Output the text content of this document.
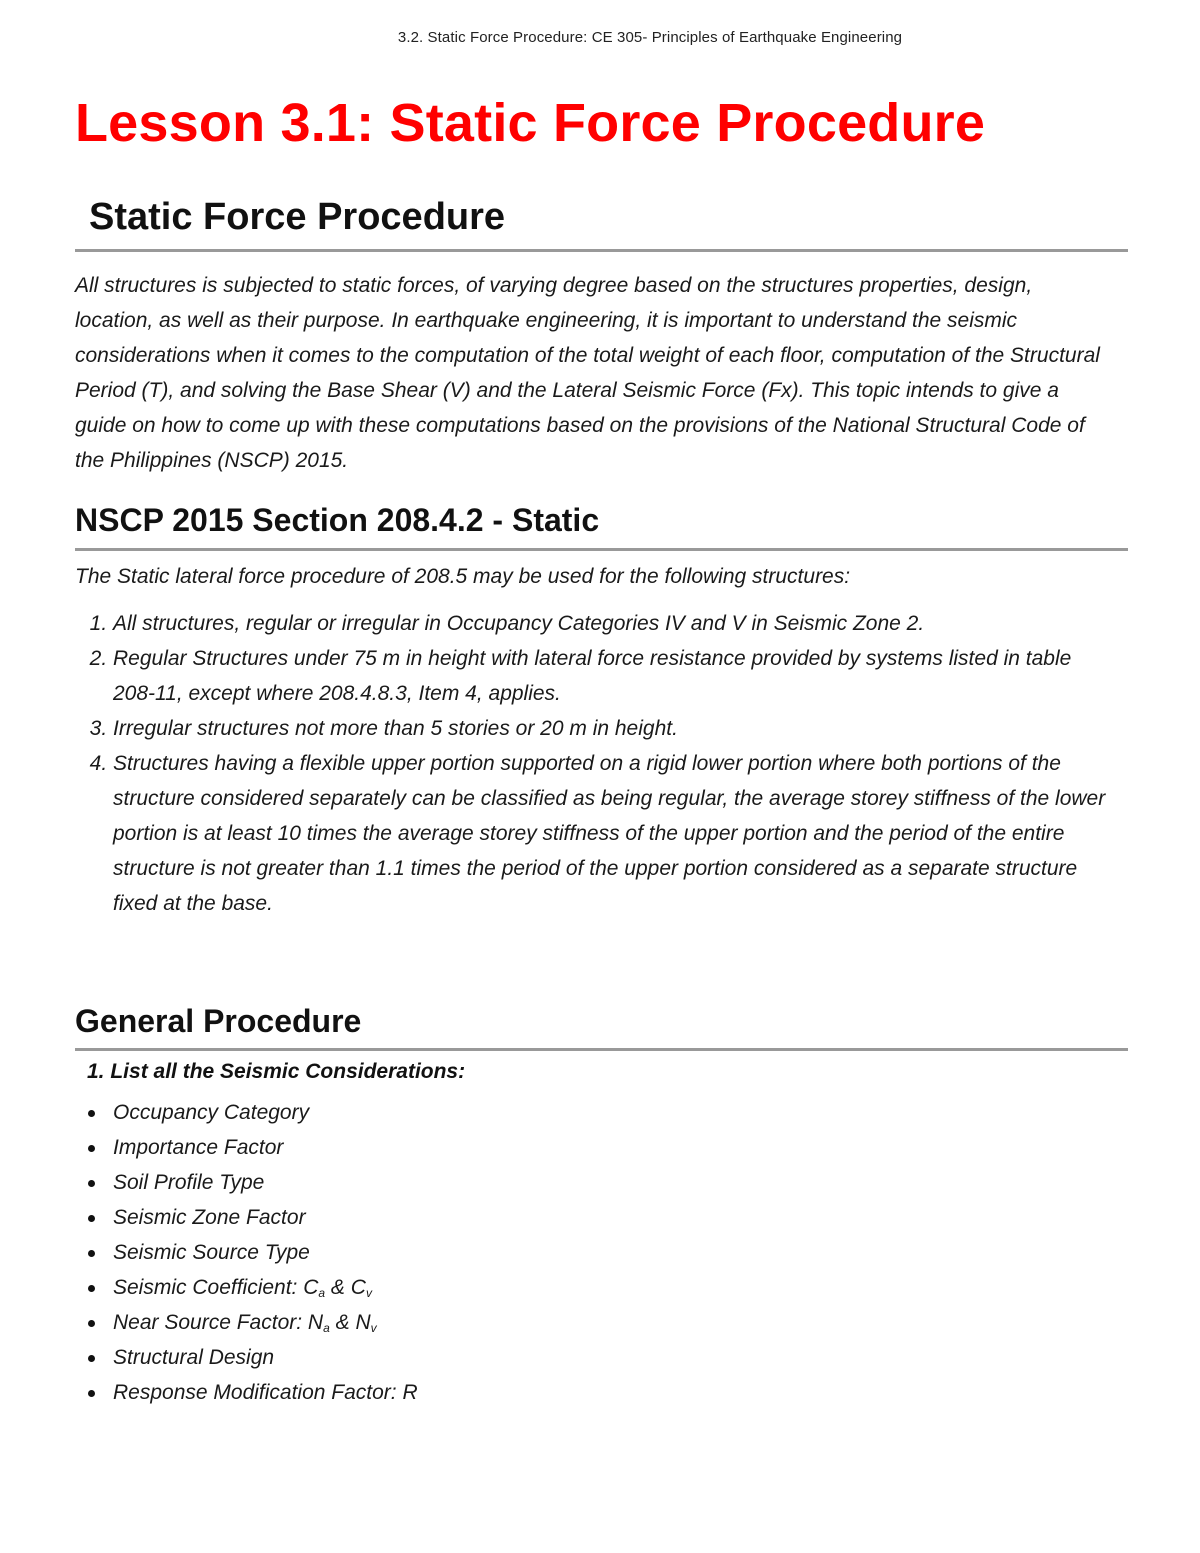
3.2. Static Force Procedure: CE 305- Principles of Earthquake Engineering
Lesson 3.1: Static Force Procedure
Static Force Procedure

All structures is subjected to static forces, of varying degree based on the structures properties, design, location, as well as their purpose. In earthquake engineering, it is important to understand the seismic considerations when it comes to the computation of the total weight of each floor, computation of the Structural Period (T), and solving the Base Shear (V) and the Lateral Seismic Force (Fx). This topic intends to give a guide on how to come up with these computations based on the provisions of the National Structural Code of the Philippines (NSCP) 2015.

NSCP 2015 Section 208.4.2 - Static

The Static lateral force procedure of 208.5 may be used for the following structures:

1. All structures, regular or irregular in Occupancy Categories IV and V in Seismic Zone 2.
2. Regular Structures under 75 m in height with lateral force resistance provided by systems listed in table 208-11, except where 208.4.8.3, Item 4, applies.
3. Irregular structures not more than 5 stories or 20 m in height.
4. Structures having a flexible upper portion supported on a rigid lower portion where both portions of the structure considered separately can be classified as being regular, the average storey stiffness of the lower portion is at least 10 times the average storey stiffness of the upper portion and the period of the entire structure is not greater than 1.1 times the period of the upper portion considered as a separate structure fixed at the base.
General Procedure
1. List all the Seismic Considerations:
Occupancy Category
Importance Factor
Soil Profile Type
Seismic Zone Factor
Seismic Source Type
Seismic Coefficient: $C_a$ & $C_v$
Near Source Factor: $N_a$ & $N_v$
Structural Design
Response Modification Factor: R
